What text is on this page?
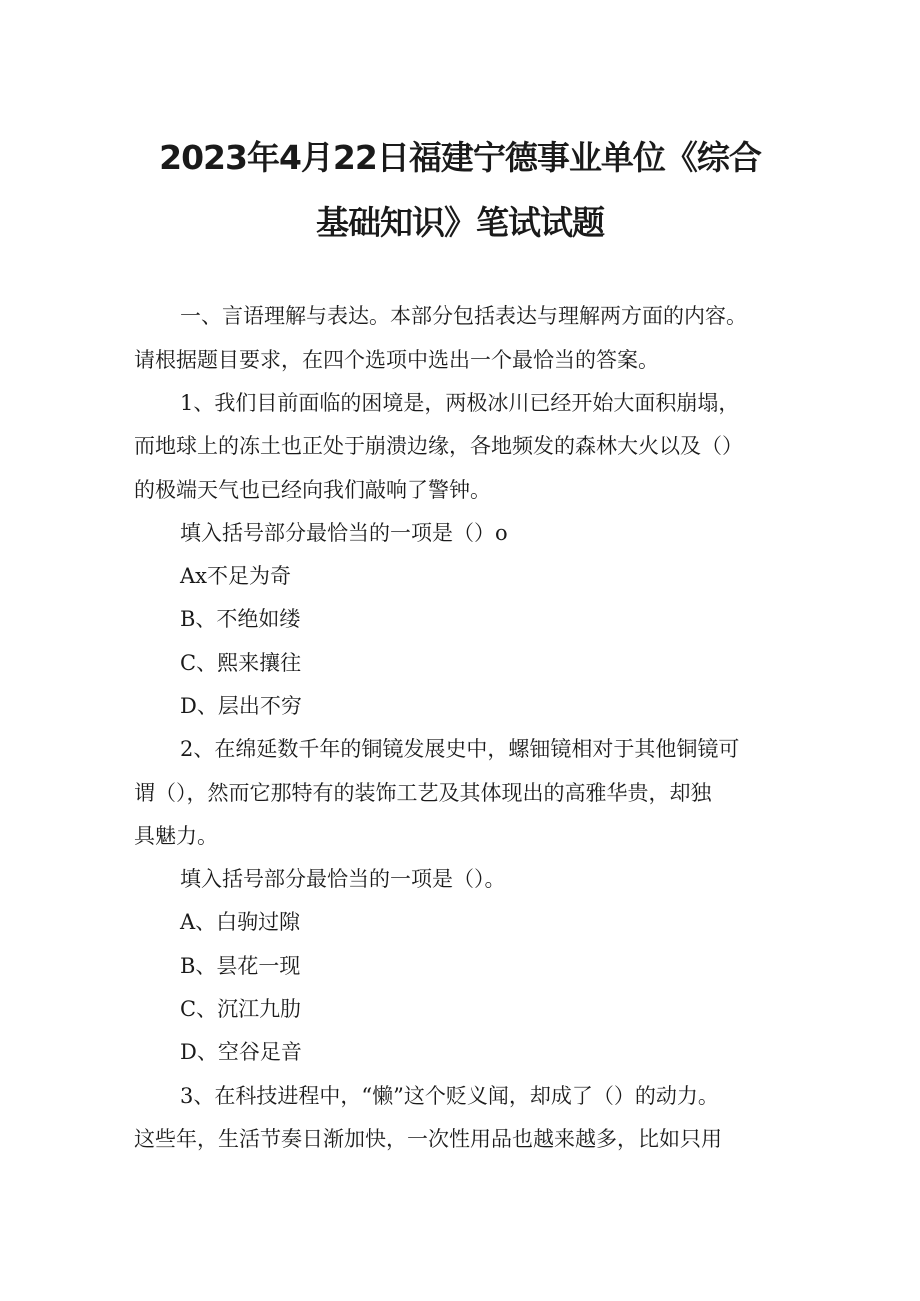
2023年4月22日福建宁德事业单位《综合
基础知识》笔试试题
一、言语理解与表达。本部分包括表达与理解两方面的内容。
请根据题目要求，在四个选项中选出一个最恰当的答案。
1、我们目前面临的困境是，两极冰川已经开始大面积崩塌，
而地球上的冻土也正处于崩溃边缘，各地频发的森林大火以及（）
的极端天气也已经向我们敲响了警钟。
填入括号部分最恰当的一项是（）o
Ax不足为奇
B、不绝如缕
C、熙来攘往
D、层出不穷
2、在绵延数千年的铜镜发展史中，螺钿镜相对于其他铜镜可
谓（），然而它那特有的装饰工艺及其体现出的高雅华贵，却独
具魅力。
填入括号部分最恰当的一项是（）。
A、白驹过隙
B、昙花一现
C、沉江九肋
D、空谷足音
3、在科技进程中，“懒”这个贬义闻，却成了（）的动力。
这些年，生活节奏日渐加快，一次性用品也越来越多，比如只用
